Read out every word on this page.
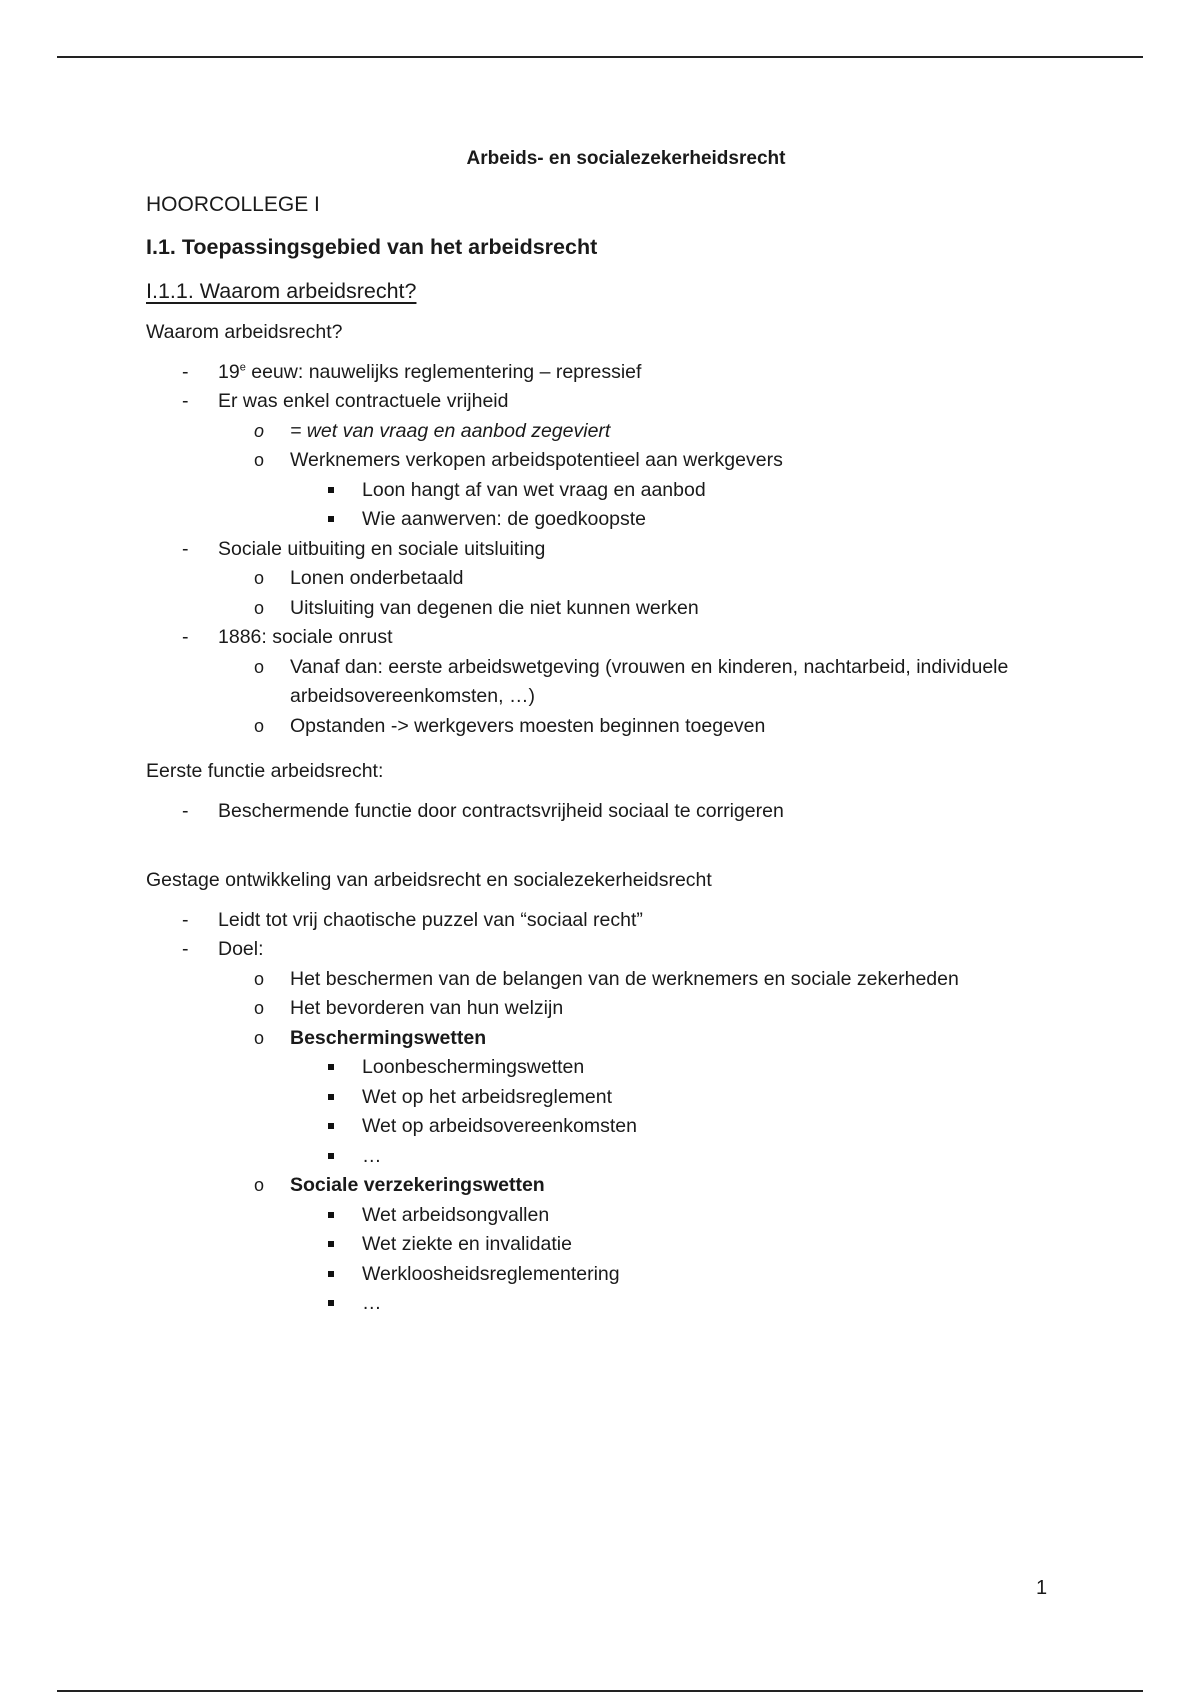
Arbeids- en socialezekerheidsrecht
HOORCOLLEGE I
I.1. Toepassingsgebied van het arbeidsrecht
I.1.1. Waarom arbeidsrecht?
Waarom arbeidsrecht?
-
19e eeuw: nauwelijks reglementering – repressief
-
Er was enkel contractuele vrijheid
o
= wet van vraag en aanbod zegeviert
o
Werknemers verkopen arbeidspotentieel aan werkgevers
Loon hangt af van wet vraag en aanbod
Wie aanwerven: de goedkoopste
-
Sociale uitbuiting en sociale uitsluiting
o
Lonen onderbetaald
o
Uitsluiting van degenen die niet kunnen werken
-
1886: sociale onrust
o
Vanaf dan: eerste arbeidswetgeving (vrouwen en kinderen, nachtarbeid, individuele arbeidsovereenkomsten, …)
o
Opstanden -> werkgevers moesten beginnen toegeven
Eerste functie arbeidsrecht:
-
Beschermende functie door contractsvrijheid sociaal te corrigeren
Gestage ontwikkeling van arbeidsrecht en socialezekerheidsrecht
-
Leidt tot vrij chaotische puzzel van “sociaal recht”
-
Doel:
o
Het beschermen van de belangen van de werknemers en sociale zekerheden
o
Het bevorderen van hun welzijn
o
Beschermingswetten
Loonbeschermingswetten
Wet op het arbeidsreglement
Wet op arbeidsovereenkomsten
…
o
Sociale verzekeringswetten
Wet arbeidsongvallen
Wet ziekte en invalidatie
Werkloosheidsreglementering
…
1
